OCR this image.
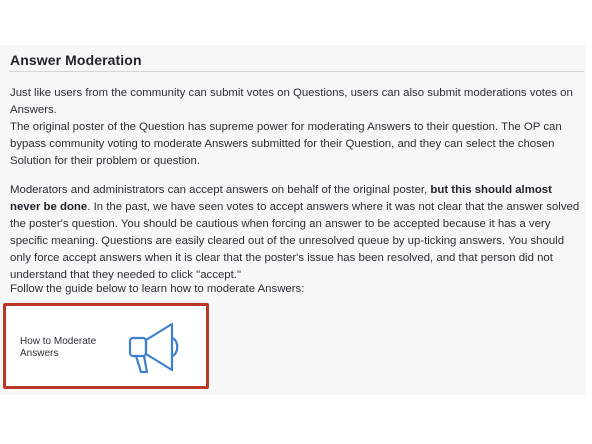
Answer Moderation

Just like users from the community can submit votes on Questions, users can also submit moderations votes on Answers.

The original poster of the Question has supreme power for moderating Answers to their question. The OP can bypass community voting to moderate Answers submitted for their Question, and they can select the chosen Solution for their problem or question.

Moderators and administrators can accept answers on behalf of the original poster, but this should almost never be done. In the past, we have seen votes to accept answers where it was not clear that the answer solved the poster's question. You should be cautious when forcing an answer to be accepted because it has a very specific meaning. Questions are easily cleared out of the unresolved queue by up-ticking answers. You should only force accept answers when it is clear that the poster's issue has been resolved, and that person did not understand that they needed to click "accept."

Follow the guide below to learn how to moderate Answers:

How to Moderate Answers
